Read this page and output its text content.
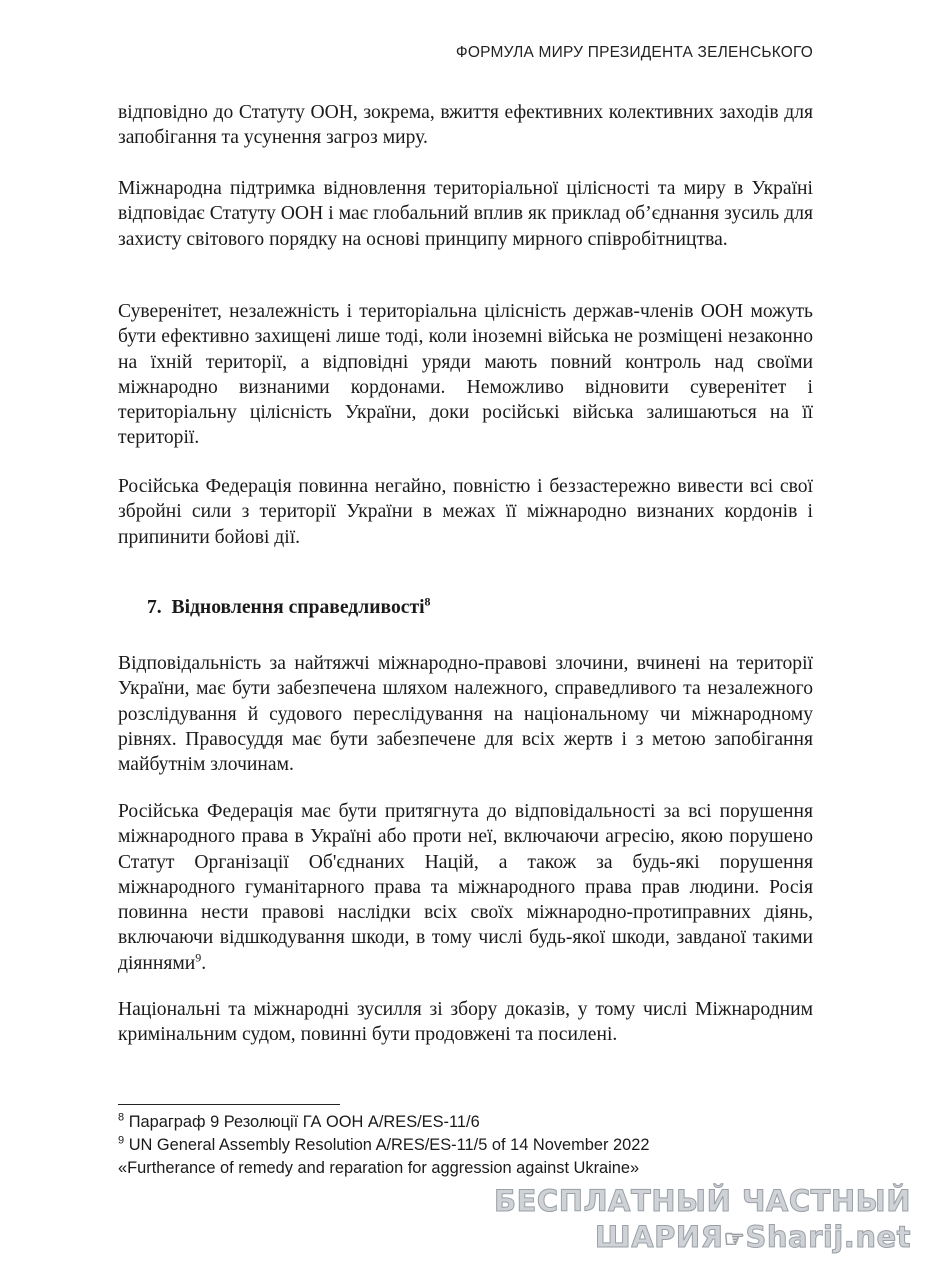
ФОРМУЛА МИРУ ПРЕЗИДЕНТА ЗЕЛЕНСЬКОГО
відповідно до Статуту ООН, зокрема, вжиття ефективних колективних заходів для запобігання та усунення загроз миру.
Міжнародна підтримка відновлення територіальної цілісності та миру в Україні відповідає Статуту ООН і має глобальний вплив як приклад об’єднання зусиль для захисту світового порядку на основі принципу мирного співробітництва.
Суверенітет, незалежність і територіальна цілісність держав-членів ООН можуть бути ефективно захищені лише тоді, коли іноземні війська не розміщені незаконно на їхній території, а відповідні уряди мають повний контроль над своїми міжнародно визнаними кордонами. Неможливо відновити суверенітет і територіальну цілісність України, доки російські війська залишаються на її території.
Російська Федерація повинна негайно, повністю і беззастережно вивести всі свої збройні сили з території України в межах її міжнародно визнаних кордонів і припинити бойові дії.
7. Відновлення справедливості$^8$
Відповідальність за найтяжчі міжнародно-правові злочини, вчинені на території України, має бути забезпечена шляхом належного, справедливого та незалежного розслідування й судового переслідування на національному чи міжнародному рівнях. Правосуддя має бути забезпечене для всіх жертв і з метою запобігання майбутнім злочинам.
Російська Федерація має бути притягнута до відповідальності за всі порушення міжнародного права в Україні або проти неї, включаючи агресію, якою порушено Статут Організації Об'єднаних Націй, а також за будь-які порушення міжнародного гуманітарного права та міжнародного права прав людини. Росія повинна нести правові наслідки всіх своїх міжнародно-протиправних діянь, включаючи відшкодування шкоди, в тому числі будь-якої шкоди, завданої такими діяннями$^9$.
Національні та міжнародні зусилля зі збору доказів, у тому числі Міжнародним кримінальним судом, повинні бути продовжені та посилені.
$^8$ Параграф 9 Резолюції ГА ООН A/RES/ES-11/6
$^9$ UN General Assembly Resolution A/RES/ES-11/5 of 14 November 2022
«Furtherance of remedy and reparation for aggression against Ukraine»
БЕСПЛАТНЫЙ ЧАСТНЫЙ
ШАРИЯ☞Sharij.net
